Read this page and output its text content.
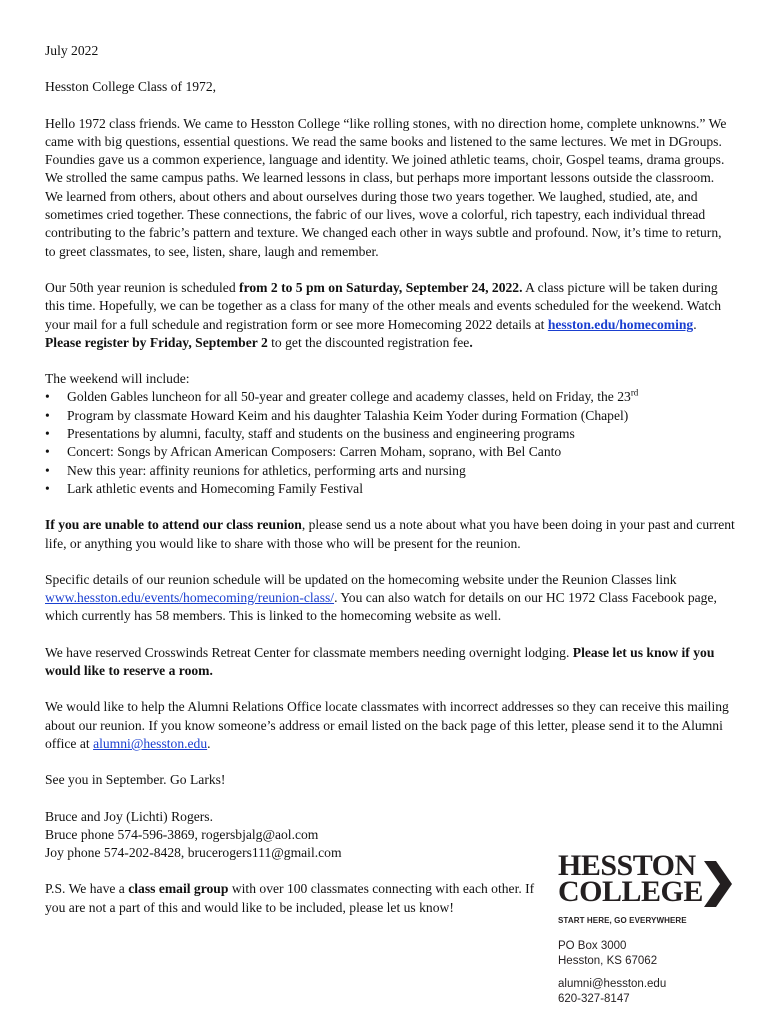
July 2022

Hesston College Class of 1972,

Hello 1972 class friends. We came to Hesston College “like rolling stones, with no direction home, complete unknowns.” We came with big questions, essential questions. We read the same books and listened to the same lectures. We met in DGroups. Foundies gave us a common experience, language and identity. We joined athletic teams, choir, Gospel teams, drama groups. We strolled the same campus paths. We learned lessons in class, but perhaps more important lessons outside the classroom. We learned from others, about others and about ourselves during those two years together. We laughed, studied, ate, and sometimes cried together. These connections, the fabric of our lives, wove a colorful, rich tapestry, each individual thread contributing to the fabric’s pattern and texture. We changed each other in ways subtle and profound. Now, it’s time to return, to greet classmates, to see, listen, share, laugh and remember.

Our 50th year reunion is scheduled from 2 to 5 pm on Saturday, September 24, 2022. A class picture will be taken during this time. Hopefully, we can be together as a class for many of the other meals and events scheduled for the weekend. Watch your mail for a full schedule and registration form or see more Homecoming 2022 details at hesston.edu/homecoming. Please register by Friday, September 2 to get the discounted registration fee.

The weekend will include:
• Golden Gables luncheon for all 50-year and greater college and academy classes, held on Friday, the 23rd
• Program by classmate Howard Keim and his daughter Talashia Keim Yoder during Formation (Chapel)
• Presentations by alumni, faculty, staff and students on the business and engineering programs
• Concert: Songs by African American Composers: Carren Moham, soprano, with Bel Canto
• New this year: affinity reunions for athletics, performing arts and nursing
• Lark athletic events and Homecoming Family Festival

If you are unable to attend our class reunion, please send us a note about what you have been doing in your past and current life, or anything you would like to share with those who will be present for the reunion.

Specific details of our reunion schedule will be updated on the homecoming website under the Reunion Classes link www.hesston.edu/events/homecoming/reunion-class/. You can also watch for details on our HC 1972 Class Facebook page, which currently has 58 members. This is linked to the homecoming website as well.

We have reserved Crosswinds Retreat Center for classmate members needing overnight lodging. Please let us know if you would like to reserve a room.

We would like to help the Alumni Relations Office locate classmates with incorrect addresses so they can receive this mailing about our reunion. If you know someone’s address or email listed on the back page of this letter, please send it to the Alumni office at alumni@hesston.edu.

See you in September. Go Larks!

Bruce and Joy (Lichti) Rogers.
Bruce phone 574-596-3869, rogersbjalg@aol.com
Joy phone 574-202-8428, brucerogers111@gmail.com

P.S. We have a class email group with over 100 classmates connecting with each other. If you are not a part of this and would like to be included, please let us know!

HESSTON
COLLEGE
START HERE, GO EVERYWHERE
PO Box 3000
Hesston, KS 67062
alumni@hesston.edu
620-327-8147
